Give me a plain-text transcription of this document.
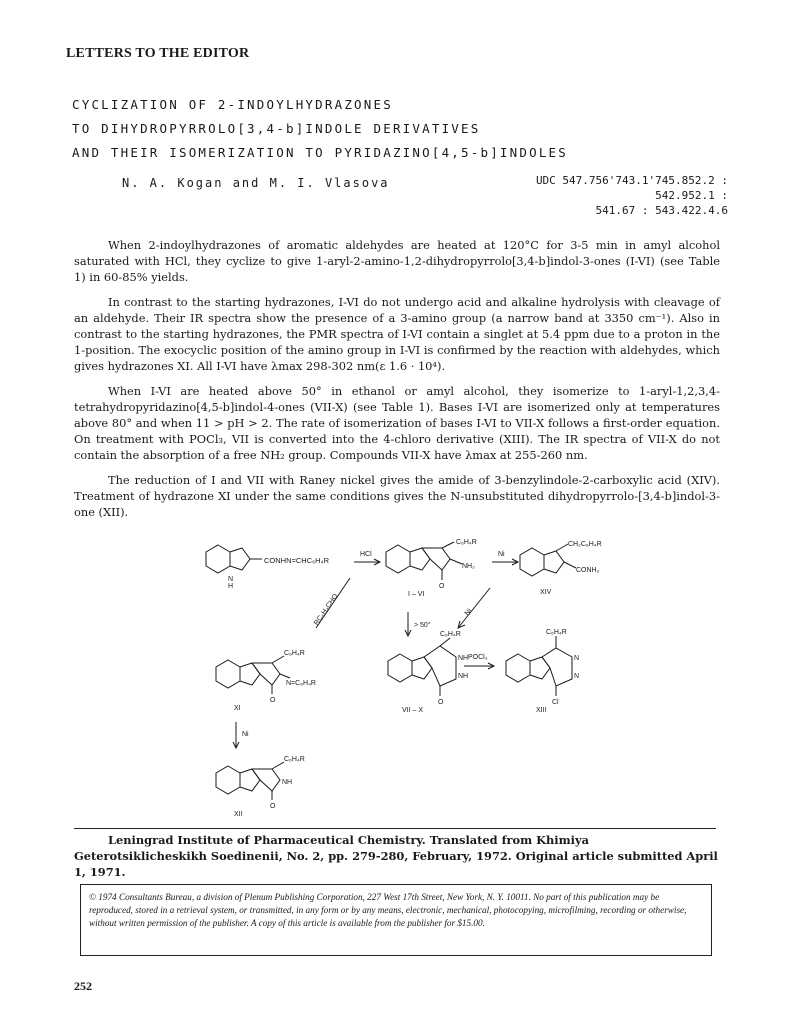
LETTERS TO THE EDITOR
CYCLIZATION OF 2-INDOYLHYDRAZONES
TO DIHYDROPYRROLO[3,4-b]INDOLE DERIVATIVES
AND THEIR ISOMERIZATION TO PYRIDAZINO[4,5-b]INDOLES
N. A. Kogan and M. I. Vlasova	UDC 547.756'743.1'745.852.2 : 542.952.1 :
541.67 : 543.422.4.6

When 2-indoylhydrazones of aromatic aldehydes are heated at 120°C for 3-5 min in amyl alcohol saturated with HCl, they cyclize to give 1-aryl-2-amino-1,2-dihydropyrrolo[3,4-b]indol-3-ones (I-VI) (see Table 1) in 60-85% yields.

In contrast to the starting hydrazones, I-VI do not undergo acid and alkaline hydrolysis with cleavage of an aldehyde. Their IR spectra show the presence of a 3-amino group (a narrow band at 3350 cm⁻¹). Also in contrast to the starting hydrazones, the PMR spectra of I-VI contain a singlet at 5.4 ppm due to a proton in the 1-position. The exocyclic position of the amino group in I-VI is confirmed by the reaction with aldehydes, which gives hydrazones XI. All I-VI have λmax 298-302 nm(ε 1.6 · 10⁴).

When I-VI are heated above 50° in ethanol or amyl alcohol, they isomerize to 1-aryl-1,2,3,4-tetrahydropyridazino[4,5-b]indol-4-ones (VII-X) (see Table 1). Bases I-VI are isomerized only at temperatures above 80° and when 11 > pH > 2. The rate of isomerization of bases I-VI to VII-X follows a first-order equation. On treatment with POCl₃, VII is converted into the 4-chloro derivative (XIII). The IR spectra of VII-X do not contain the absorption of a free NH₂ group. Compounds VII-X have λmax at 255-260 nm.

The reduction of I and VII with Raney nickel gives the amide of 3-benzylindole-2-carboxylic acid (XIV). Treatment of hydrazone XI under the same conditions gives the N-unsubstituted dihydropyrrolo-[3,4-b]indol-3-one (XII).

CONHN=CHC₆H₄R
N
H
HCl
C₆H₄R
NH₂
O
I – VI
Ni
CH₂C₆H₄R
CONH₂
XIV
RC₆H₄CHO	Ni
> 50°
C₆H₄R
N=C₆H₄R
O
XI
C₆H₄R
NH
NH
O
VII – X
POCl₃
C₆H₄R
N
N
Cl
XIII
Ni
C₆H₄R
NH
O
XII

Leningrad Institute of Pharmaceutical Chemistry. Translated from Khimiya Geterotsiklicheskikh Soedinenii, No. 2, pp. 279-280, February, 1972. Original article submitted April 1, 1971.

© 1974 Consultants Bureau, a division of Plenum Publishing Corporation, 227 West 17th Street, New York, N. Y. 10011. No part of this publication may be reproduced, stored in a retrieval system, or transmitted, in any form or by any means, electronic, mechanical, photocopying, microfilming, recording or otherwise, without written permission of the publisher. A copy of this article is available from the publisher for $15.00.
252
